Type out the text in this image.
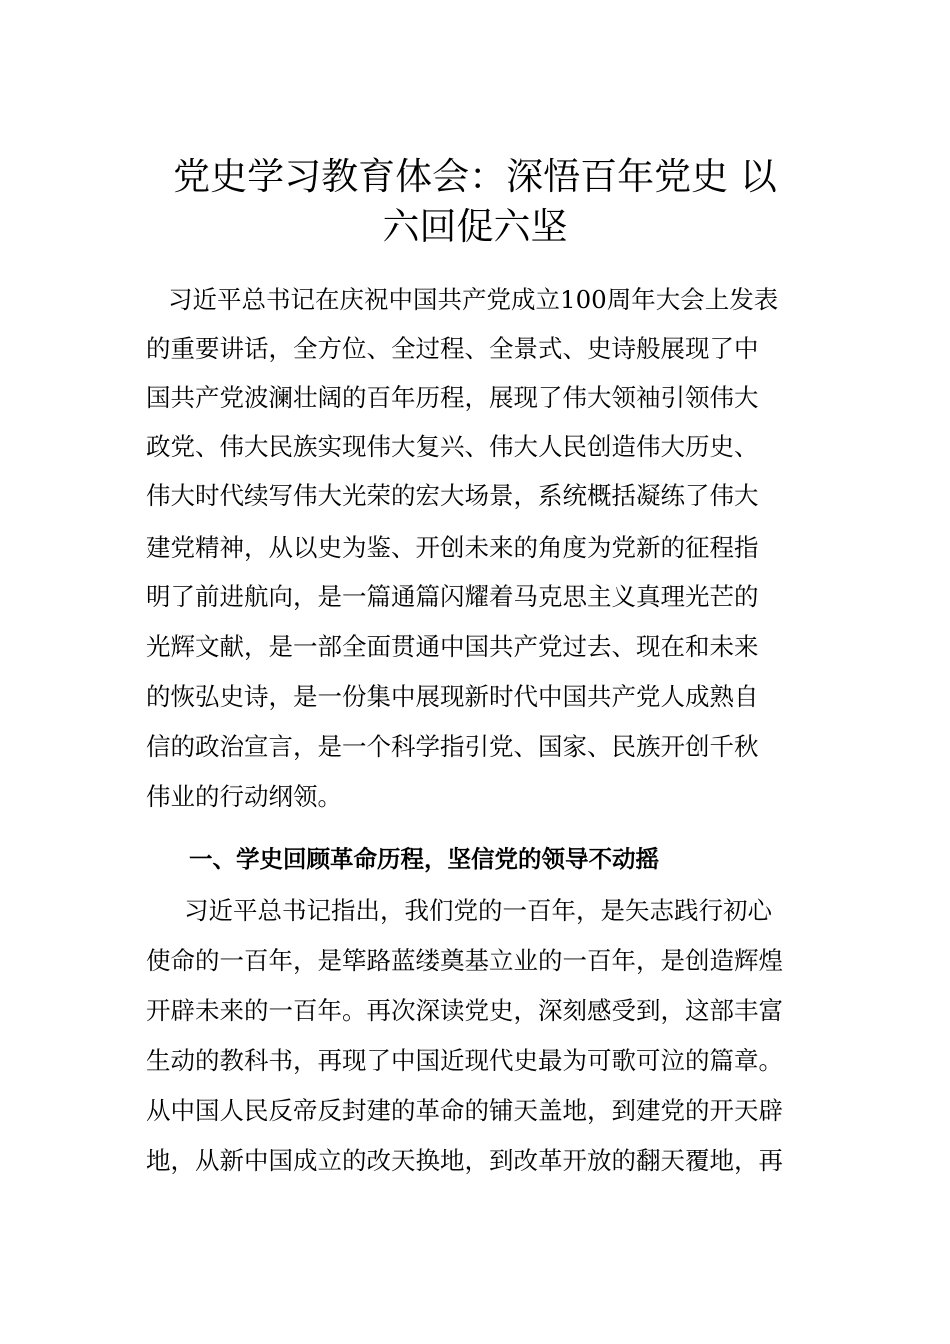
党史学习教育体会：深悟百年党史 以
六回促六坚

习近平总书记在庆祝中国共产党成立100周年大会上发表

的重要讲话，全方位、全过程、全景式、史诗般展现了中

国共产党波澜壮阔的百年历程，展现了伟大领袖引领伟大

政党、伟大民族实现伟大复兴、伟大人民创造伟大历史、

伟大时代续写伟大光荣的宏大场景，系统概括凝练了伟大

建党精神，从以史为鉴、开创未来的角度为党新的征程指

明了前进航向，是一篇通篇闪耀着马克思主义真理光芒的

光辉文献，是一部全面贯通中国共产党过去、现在和未来

的恢弘史诗，是一份集中展现新时代中国共产党人成熟自

信的政治宣言，是一个科学指引党、国家、民族开创千秋

伟业的行动纲领。

一、学史回顾革命历程，坚信党的领导不动摇

习近平总书记指出，我们党的一百年，是矢志践行初心

使命的一百年，是筚路蓝缕奠基立业的一百年，是创造辉煌

开辟未来的一百年。再次深读党史，深刻感受到，这部丰富

生动的教科书，再现了中国近现代史最为可歌可泣的篇章。

从中国人民反帝反封建的革命的铺天盖地，到建党的开天辟

地，从新中国成立的改天换地，到改革开放的翻天覆地，再
